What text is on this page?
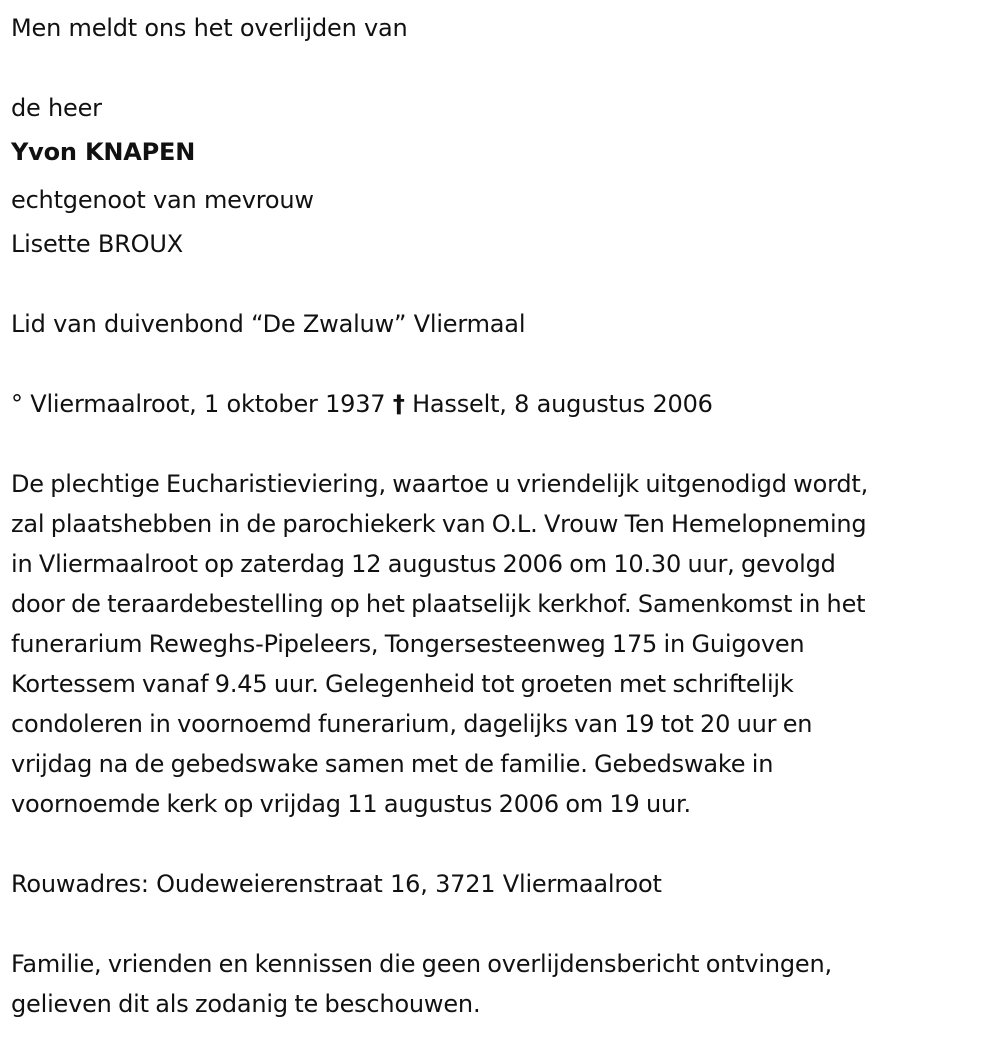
Men meldt ons het overlijden van
de heer
Yvon KNAPEN
echtgenoot van mevrouw
Lisette BROUX
Lid van duivenbond “De Zwaluw” Vliermaal
° Vliermaalroot, 1 oktober 1937 † Hasselt, 8 augustus 2006
De plechtige Eucharistieviering, waartoe u vriendelijk uitgenodigd wordt,
zal plaatshebben in de parochiekerk van O.L. Vrouw Ten Hemelopneming
in Vliermaalroot op zaterdag 12 augustus 2006 om 10.30 uur, gevolgd
door de teraardebestelling op het plaatselijk kerkhof. Samenkomst in het
funerarium Reweghs-Pipeleers, Tongersesteenweg 175 in Guigoven
Kortessem vanaf 9.45 uur. Gelegenheid tot groeten met schriftelijk
condoleren in voornoemd funerarium, dagelijks van 19 tot 20 uur en
vrijdag na de gebedswake samen met de familie. Gebedswake in
voornoemde kerk op vrijdag 11 augustus 2006 om 19 uur.
Rouwadres: Oudeweierenstraat 16, 3721 Vliermaalroot
Familie, vrienden en kennissen die geen overlijdensbericht ontvingen,
gelieven dit als zodanig te beschouwen.
